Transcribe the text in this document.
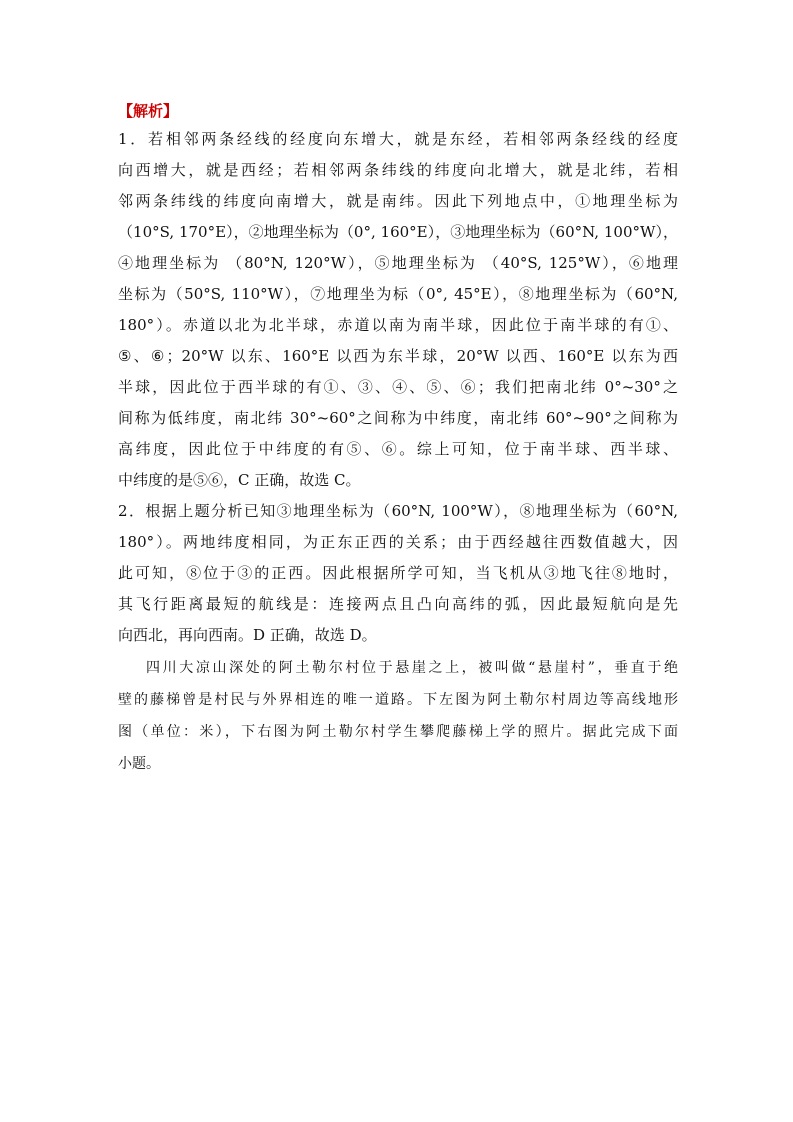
【解析】

1．若相邻两条经线的经度向东增大，就是东经，若相邻两条经线的经度
向西增大，就是西经；若相邻两条纬线的纬度向北增大，就是北纬，若相
邻两条纬线的纬度向南增大，就是南纬。因此下列地点中，①地理坐标为
（10°S, 170°E），②地理坐标为（0°, 160°E），③地理坐标为（60°N, 100°W），
④地理坐标为 （80°N, 120°W），⑤地理坐标为 （40°S, 125°W），⑥地理
坐标为（50°S, 110°W），⑦地理坐为标（0°, 45°E），⑧地理坐标为（60°N,
180°）。赤道以北为北半球，赤道以南为南半球，因此位于南半球的有①、
⑤、⑥；20°W 以东、160°E 以西为东半球，20°W 以西、160°E 以东为西
半球，因此位于西半球的有①、③、④、⑤、⑥；我们把南北纬 0°~30°之
间称为低纬度，南北纬 30°~60°之间称为中纬度，南北纬 60°~90°之间称为
高纬度，因此位于中纬度的有⑤、⑥。综上可知，位于南半球、西半球、
中纬度的是⑤⑥，C 正确，故选 C。
2．根据上题分析已知③地理坐标为（60°N, 100°W），⑧地理坐标为（60°N,
180°）。两地纬度相同，为正东正西的关系；由于西经越往西数值越大，因
此可知，⑧位于③的正西。因此根据所学可知，当飞机从③地飞往⑧地时，
其飞行距离最短的航线是：连接两点且凸向高纬的弧，因此最短航向是先
向西北，再向西南。D 正确，故选 D。
四川大凉山深处的阿土勒尔村位于悬崖之上，被叫做“悬崖村”，垂直于绝
壁的藤梯曾是村民与外界相连的唯一道路。下左图为阿土勒尔村周边等高线地形
图（单位：米），下右图为阿土勒尔村学生攀爬藤梯上学的照片。据此完成下面
小题。
